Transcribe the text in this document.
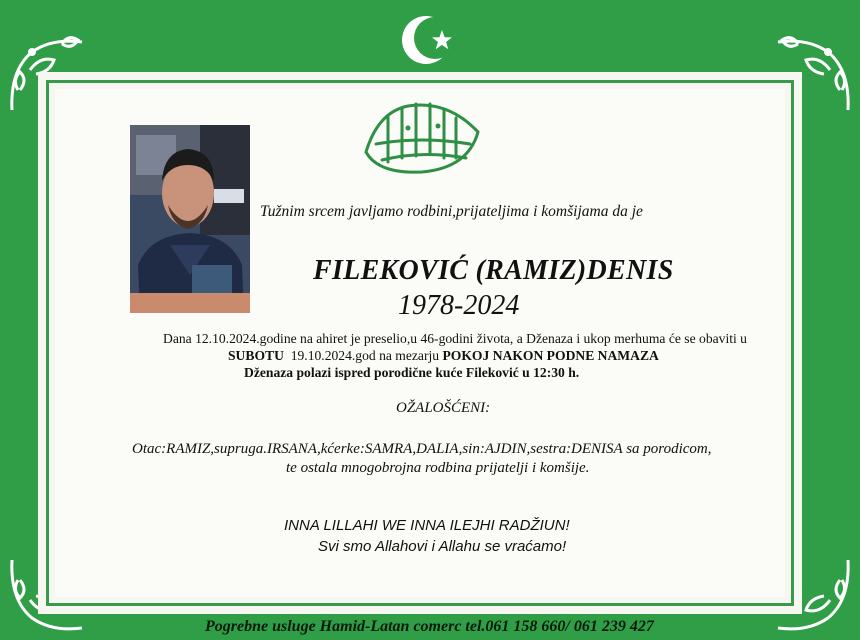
Tužnim srcem javljamo rodbini,prijateljima i komšijama da je
FILEKOVIĆ (RAMIZ)DENIS
1978-2024
Dana 12.10.2024.godine na ahiret je preselio,u 46-godini života, a Dženaza i ukop merhuma će se obaviti u
SUBOTU  19.10.2024.god na mezarju POKOJ NAKON PODNE NAMAZA
Dženaza polazi ispred porodične kuće Fileković u 12:30 h.
OŽALOŠĆENI:
Otac:RAMIZ,supruga.IRSANA,kćerke:SAMRA,DALIA,sin:AJDIN,sestra:DENISA sa porodicom,
te ostala mnogobrojna rodbina prijatelji i komšije.
INNA LILLAHI WE INNA ILEJHI RADŽIUN!
Svi smo Allahovi i Allahu se vraćamo!
Pogrebne usluge Hamid-Latan comerc tel.061 158 660/ 061 239 427
